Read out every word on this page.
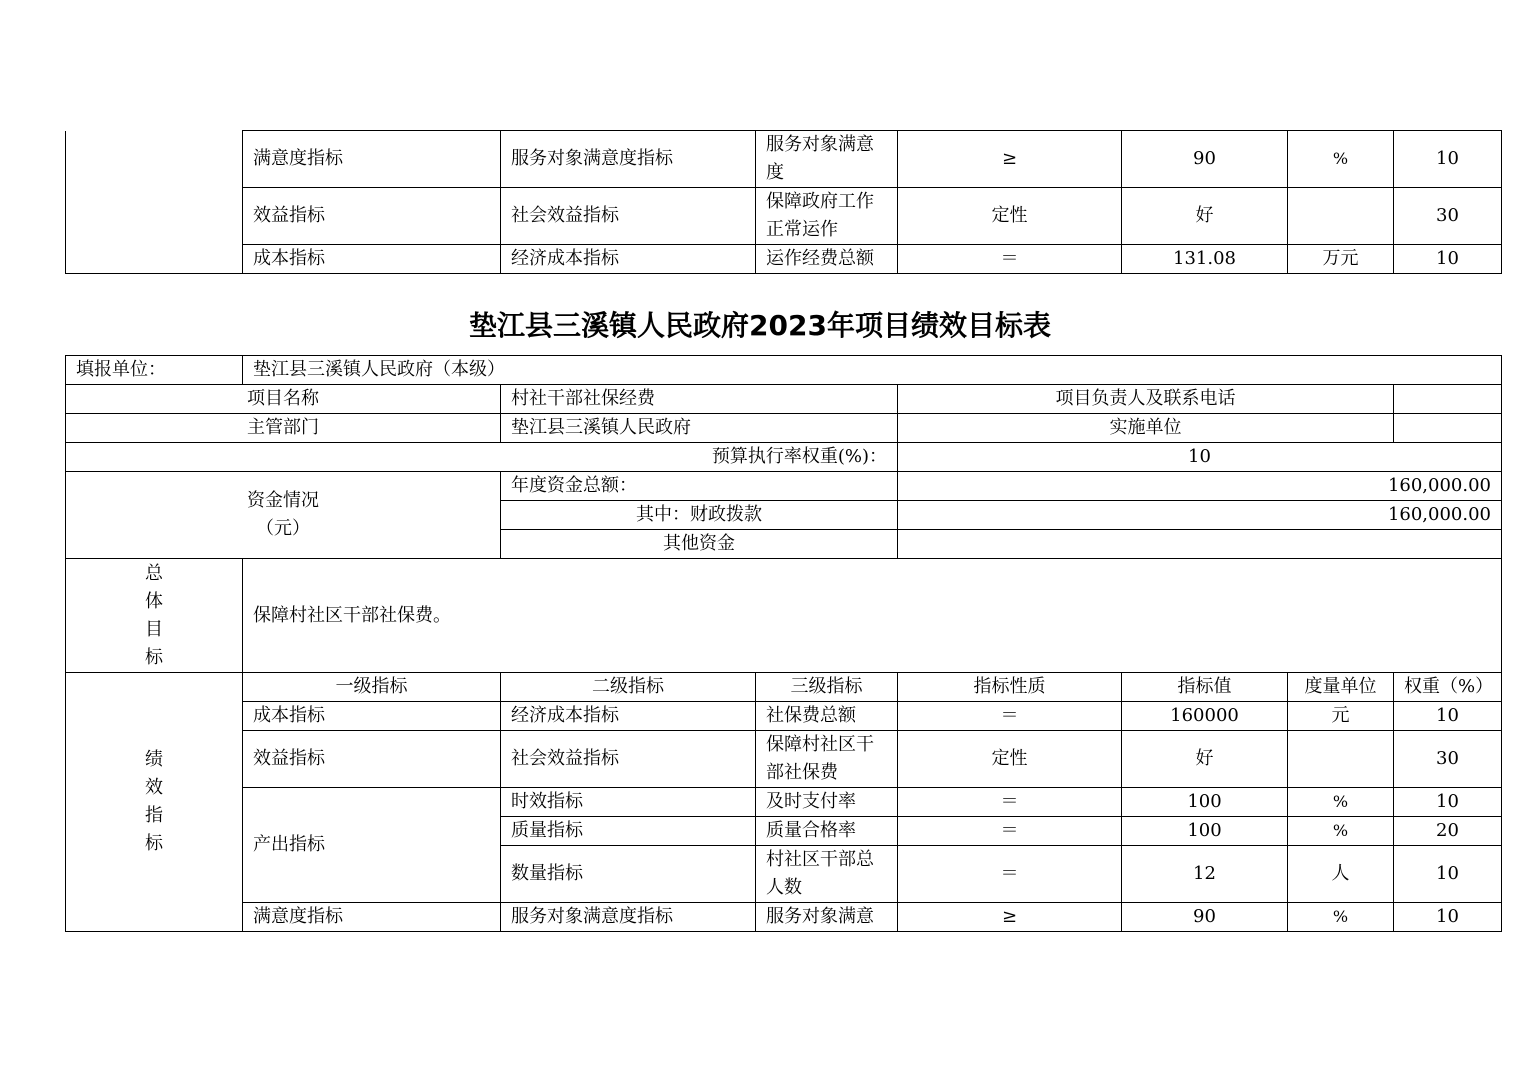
	满意度指标	服务对象满意度指标	服务对象满意度	≥	90	%	10
	效益指标	社会效益指标	保障政府工作正常运作	定性	好		30
	成本指标	经济成本指标	运作经费总额	＝	131.08	万元	10
垫江县三溪镇人民政府2023年项目绩效目标表
填报单位：	垫江县三溪镇人民政府（本级）						
项目名称		村社干部社保经费		项目负责人及联系电话			
主管部门		垫江县三溪镇人民政府		实施单位			
预算执行率权重(%)：				10			

资金情况
（元）		年度资金总额：		160,000.00			
		其中：财政拨款		160,000.00			
		其他资金					

总
体
目
标	保障村社区干部社保费。						

绩
效
指
标	一级指标	二级指标	三级指标	指标性质	指标值	度量单位	权重（%）
	成本指标	经济成本指标	社保费总额	＝	160000	元	10
	效益指标	社会效益指标	保障村社区干部社保费	定性	好		30
	产出指标	时效指标	及时支付率	＝	100	%	10
		质量指标	质量合格率	＝	100	%	20
		数量指标	村社区干部总人数	＝	12	人	10
	满意度指标	服务对象满意度指标	服务对象满意	≥	90	%	10
